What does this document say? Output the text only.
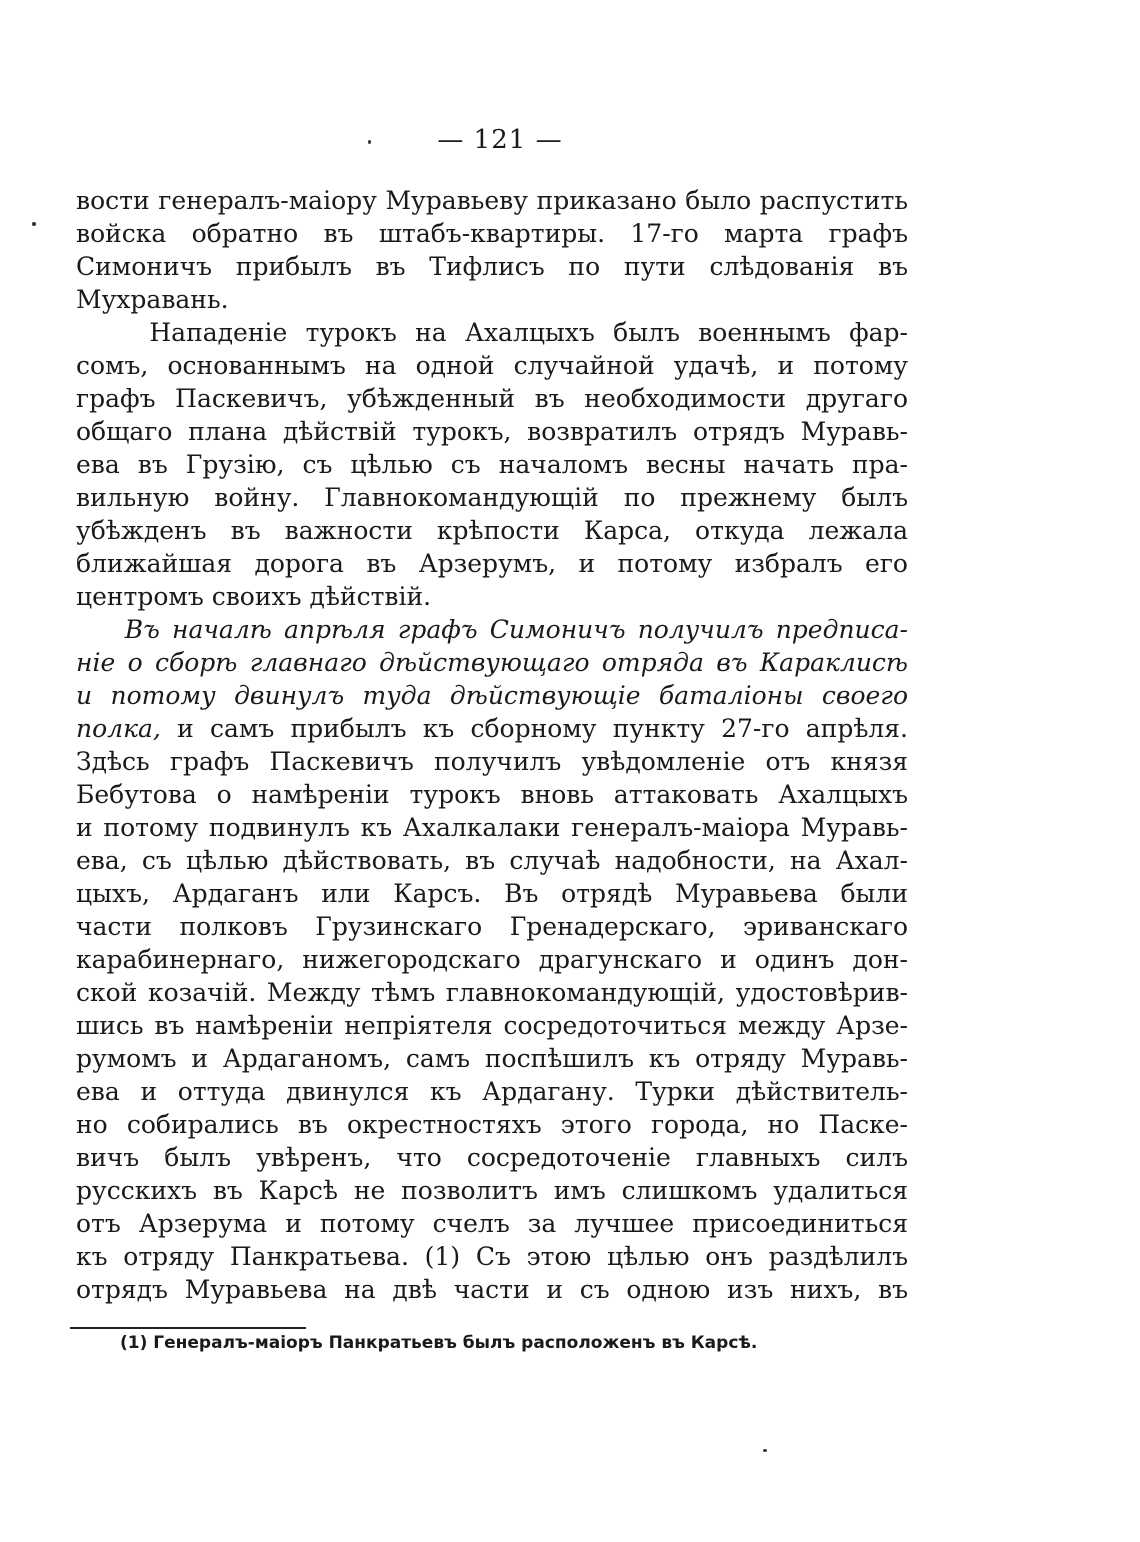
— 121 —
вости генералъ-маіору Муравьеву приказано было распустить
войска обратно въ штабъ-квартиры. 17-го марта графъ
Симоничъ прибылъ въ Тифлисъ по пути слѣдованія въ
Мухравань.
Нападеніе турокъ на Ахалцыхъ былъ военнымъ фар-
сомъ, основаннымъ на одной случайной удачѣ, и потому
графъ Паскевичъ, убѣжденный въ необходимости другаго
общаго плана дѣйствій турокъ, возвратилъ отрядъ Муравь-
ева въ Грузію, съ цѣлью съ началомъ весны начать пра-
вильную войну. Главнокомандующій по прежнему былъ
убѣжденъ въ важности крѣпости Карса, откуда лежала
ближайшая дорога въ Арзерумъ, и потому избралъ его
центромъ своихъ дѣйствій.
Въ началѣ апрѣля графъ Симоничъ получилъ предписа-
ніе о сборѣ главнаго дѣйствующаго отряда въ Караклисѣ
и потому двинулъ туда дѣйствующіе баталіоны своего
полка, и самъ прибылъ къ сборному пункту 27-го апрѣля.
Здѣсь графъ Паскевичъ получилъ увѣдомленіе отъ князя
Бебутова о намѣреніи турокъ вновь аттаковать Ахалцыхъ
и потому подвинулъ къ Ахалкалаки генералъ-маіора Муравь-
ева, съ цѣлью дѣйствовать, въ случаѣ надобности, на Ахал-
цыхъ, Ардаганъ или Карсъ. Въ отрядѣ Муравьева были
части полковъ Грузинскаго Гренадерскаго, эриванскаго
карабинернаго, нижегородскаго драгунскаго и одинъ дон-
ской козачій. Между тѣмъ главнокомандующій, удостовѣрив-
шись въ намѣреніи непріятеля сосредоточиться между Арзе-
румомъ и Ардаганомъ, самъ поспѣшилъ къ отряду Муравь-
ева и оттуда двинулся къ Ардагану. Турки дѣйствитель-
но собирались въ окрестностяхъ этого города, но Паске-
вичъ былъ увѣренъ, что сосредоточеніе главныхъ силъ
русскихъ въ Карсѣ не позволитъ имъ слишкомъ удалиться
отъ Арзерума и потому счелъ за лучшее присоединиться
къ отряду Панкратьева. (1) Съ этою цѣлью онъ раздѣлилъ
отрядъ Муравьева на двѣ части и съ одною изъ нихъ, въ
(1) Генералъ-маіоръ Панкратьевъ былъ расположенъ въ Карсѣ.
